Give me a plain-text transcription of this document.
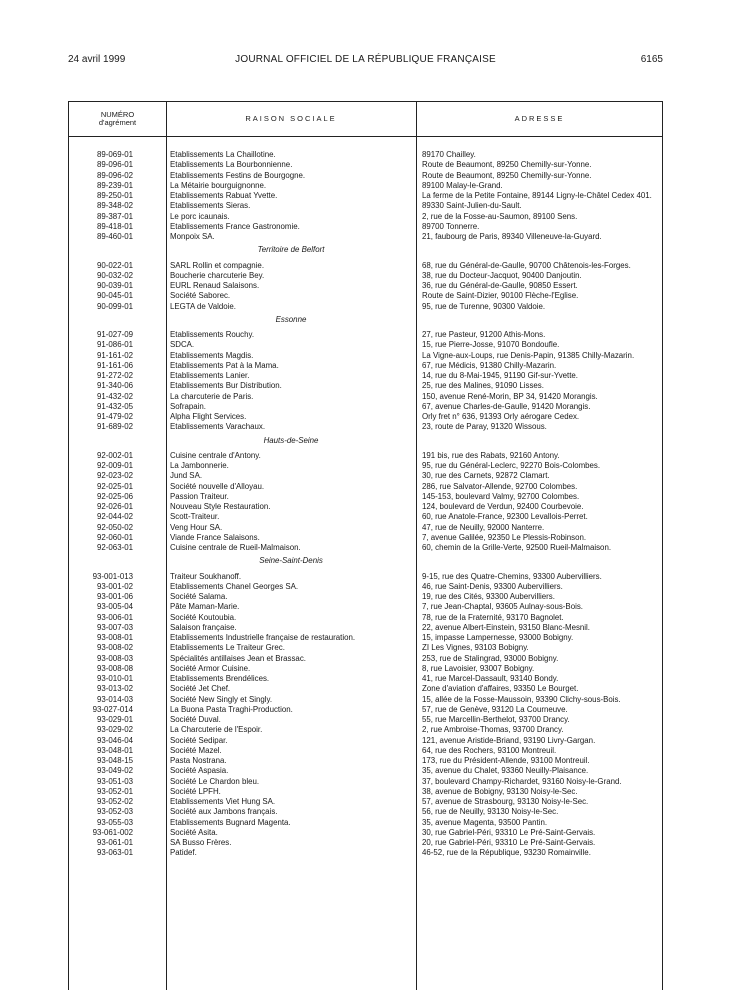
24 avril 1999	JOURNAL OFFICIEL DE LA RÉPUBLIQUE FRANÇAISE	6165
NUMÉRO
d'agrément	RAISON SOCIALE	ADRESSE
89-069-01	Etablissements La Chaillotine.	89170 Chailley.
89-096-01	Etablissements La Bourbonnienne.	Route de Beaumont, 89250 Chemilly-sur-Yonne.
89-096-02	Etablissements Festins de Bourgogne.	Route de Beaumont, 89250 Chemilly-sur-Yonne.
89-239-01	La Métairie bourguignonne.	89100 Malay-le-Grand.
89-250-01	Etablissements Rabuat Yvette.	La ferme de la Petite Fontaine, 89144 Ligny-le-Châtel Cedex 401.
89-348-02	Etablissements Sieras.	89330 Saint-Julien-du-Sault.
89-387-01	Le porc icaunais.	2, rue de la Fosse-au-Saumon, 89100 Sens.
89-418-01	Etablissements France Gastronomie.	89700 Tonnerre.
89-460-01	Monpoix SA.	21, faubourg de Paris, 89340 Villeneuve-la-Guyard.
Territoire de Belfort
90-022-01	SARL Rollin et compagnie.	68, rue du Général-de-Gaulle, 90700 Châtenois-les-Forges.
90-032-02	Boucherie charcuterie Bey.	38, rue du Docteur-Jacquot, 90400 Danjoutin.
90-039-01	EURL Renaud Salaisons.	36, rue du Général-de-Gaulle, 90850 Essert.
90-045-01	Société Saborec.	Route de Saint-Dizier, 90100 Flèche-l'Eglise.
90-099-01	LEGTA de Valdoie.	95, rue de Turenne, 90300 Valdoie.
Essonne
91-027-09	Etablissements Rouchy.	27, rue Pasteur, 91200 Athis-Mons.
91-086-01	SDCA.	15, rue Pierre-Josse, 91070 Bondoufle.
91-161-02	Etablissements Magdis.	La Vigne-aux-Loups, rue Denis-Papin, 91385 Chilly-Mazarin.
91-161-06	Etablissements Pat à la Mama.	67, rue Médicis, 91380 Chilly-Mazarin.
91-272-02	Etablissements Lanier.	14, rue du 8-Mai-1945, 91190 Gif-sur-Yvette.
91-340-06	Etablissements Bur Distribution.	25, rue des Malines, 91090 Lisses.
91-432-02	La charcuterie de Paris.	150, avenue René-Morin, BP 34, 91420 Morangis.
91-432-05	Sofrapain.	67, avenue Charles-de-Gaulle, 91420 Morangis.
91-479-02	Alpha Flight Services.	Orly fret n° 636, 91393 Orly aérogare Cedex.
91-689-02	Etablissements Varachaux.	23, route de Paray, 91320 Wissous.
Hauts-de-Seine
92-002-01	Cuisine centrale d'Antony.	191 bis, rue des Rabats, 92160 Antony.
92-009-01	La Jambonnerie.	95, rue du Général-Leclerc, 92270 Bois-Colombes.
92-023-02	Jund SA.	30, rue des Carnets, 92872 Clamart.
92-025-01	Société nouvelle d'Alloyau.	286, rue Salvator-Allende, 92700 Colombes.
92-025-06	Passion Traiteur.	145-153, boulevard Valmy, 92700 Colombes.
92-026-01	Nouveau Style Restauration.	124, boulevard de Verdun, 92400 Courbevoie.
92-044-02	Scott-Traiteur.	60, rue Anatole-France, 92300 Levallois-Perret.
92-050-02	Veng Hour SA.	47, rue de Neuilly, 92000 Nanterre.
92-060-01	Viande France Salaisons.	7, avenue Galilée, 92350 Le Plessis-Robinson.
92-063-01	Cuisine centrale de Rueil-Malmaison.	60, chemin de la Grille-Verte, 92500 Rueil-Malmaison.
Seine-Saint-Denis
93-001-013	Traiteur Soukhanoff.	9-15, rue des Quatre-Chemins, 93300 Aubervilliers.
93-001-02	Etablissements Chanel Georges SA.	46, rue Saint-Denis, 93300 Aubervilliers.
93-001-06	Société Salama.	19, rue des Cités, 93300 Aubervilliers.
93-005-04	Pâte Maman-Marie.	7, rue Jean-Chaptal, 93605 Aulnay-sous-Bois.
93-006-01	Société Koutoubia.	78, rue de la Fraternité, 93170 Bagnolet.
93-007-03	Salaison française.	22, avenue Albert-Einstein, 93150 Blanc-Mesnil.
93-008-01	Etablissements Industrielle française de restauration.	15, impasse Lampernesse, 93000 Bobigny.
93-008-02	Etablissements Le Traiteur Grec.	ZI Les Vignes, 93103 Bobigny.
93-008-03	Spécialités antillaises Jean et Brassac.	253, rue de Stalingrad, 93000 Bobigny.
93-008-08	Société Armor Cuisine.	8, rue Lavoisier, 93007 Bobigny.
93-010-01	Etablissements Brendélices.	41, rue Marcel-Dassault, 93140 Bondy.
93-013-02	Société Jet Chef.	Zone d'aviation d'affaires, 93350 Le Bourget.
93-014-03	Société New Singly et Singly.	15, allée de la Fosse-Maussoin, 93390 Clichy-sous-Bois.
93-027-014	La Buona Pasta Traghi-Production.	57, rue de Genève, 93120 La Courneuve.
93-029-01	Société Duval.	55, rue Marcellin-Berthelot, 93700 Drancy.
93-029-02	La Charcuterie de l'Espoir.	2, rue Ambroise-Thomas, 93700 Drancy.
93-046-04	Société Sedipar.	121, avenue Aristide-Briand, 93190 Livry-Gargan.
93-048-01	Société Mazel.	64, rue des Rochers, 93100 Montreuil.
93-048-15	Pasta Nostrana.	173, rue du Président-Allende, 93100 Montreuil.
93-049-02	Société Aspasia.	35, avenue du Chalet, 93360 Neuilly-Plaisance.
93-051-03	Société Le Chardon bleu.	37, boulevard Champy-Richardet, 93160 Noisy-le-Grand.
93-052-01	Société LPFH.	38, avenue de Bobigny, 93130 Noisy-le-Sec.
93-052-02	Etablissements Viet Hung SA.	57, avenue de Strasbourg, 93130 Noisy-le-Sec.
93-052-03	Société aux Jambons français.	56, rue de Neuilly, 93130 Noisy-le-Sec.
93-055-03	Etablissements Bugnard Magenta.	35, avenue Magenta, 93500 Pantin.
93-061-002	Société Asita.	30, rue Gabriel-Péri, 93310 Le Pré-Saint-Gervais.
93-061-01	SA Busso Frères.	20, rue Gabriel-Péri, 93310 Le Pré-Saint-Gervais.
93-063-01	Patidef.	46-52, rue de la République, 93230 Romainville.
